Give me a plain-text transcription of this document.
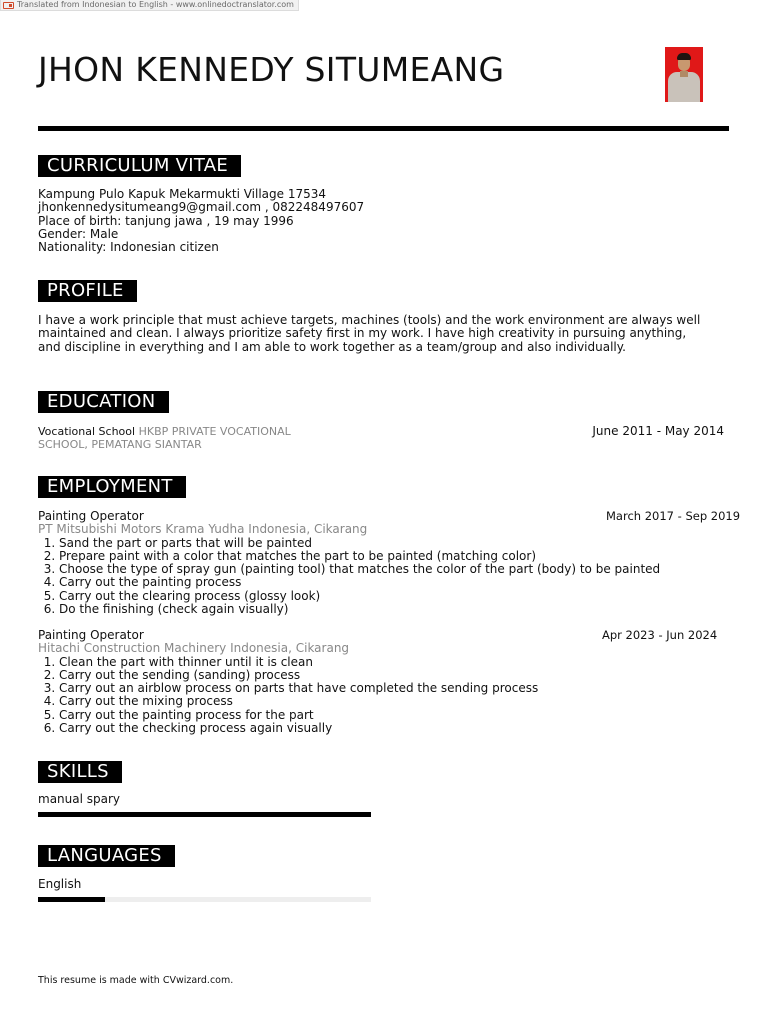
Translated from Indonesian to English - www.onlinedoctranslator.com
JHON KENNEDY SITUMEANG
CURRICULUM VITAE
Kampung Pulo Kapuk Mekarmukti Village 17534
jhonkennedysitumeang9@gmail.com , 082248497607
Place of birth: tanjung jawa , 19 may 1996
Gender: Male
Nationality: Indonesian citizen
PROFILE
I have a work principle that must achieve targets, machines (tools) and the work environment are always well maintained and clean. I always prioritize safety first in my work. I have high creativity in pursuing anything, and discipline in everything and I am able to work together as a team/group and also individually.
EDUCATION
Vocational School HKBP PRIVATE VOCATIONAL SCHOOL, PEMATANG SIANTAR
June 2011 - May 2014
EMPLOYMENT
Painting Operator
PT Mitsubishi Motors Krama Yudha Indonesia, Cikarang
1. Sand the part or parts that will be painted
2. Prepare paint with a color that matches the part to be painted (matching color)
3. Choose the type of spray gun (painting tool) that matches the color of the part (body) to be painted
4. Carry out the painting process
5. Carry out the clearing process (glossy look)
6. Do the finishing (check again visually)
March 2017 - Sep 2019
Painting Operator
Hitachi Construction Machinery Indonesia, Cikarang
1. Clean the part with thinner until it is clean
2. Carry out the sending (sanding) process
3. Carry out an airblow process on parts that have completed the sending process
4. Carry out the mixing process
5. Carry out the painting process for the part
6. Carry out the checking process again visually
Apr 2023 - Jun 2024
SKILLS
manual spary
LANGUAGES
English
This resume is made with CVwizard.com.
